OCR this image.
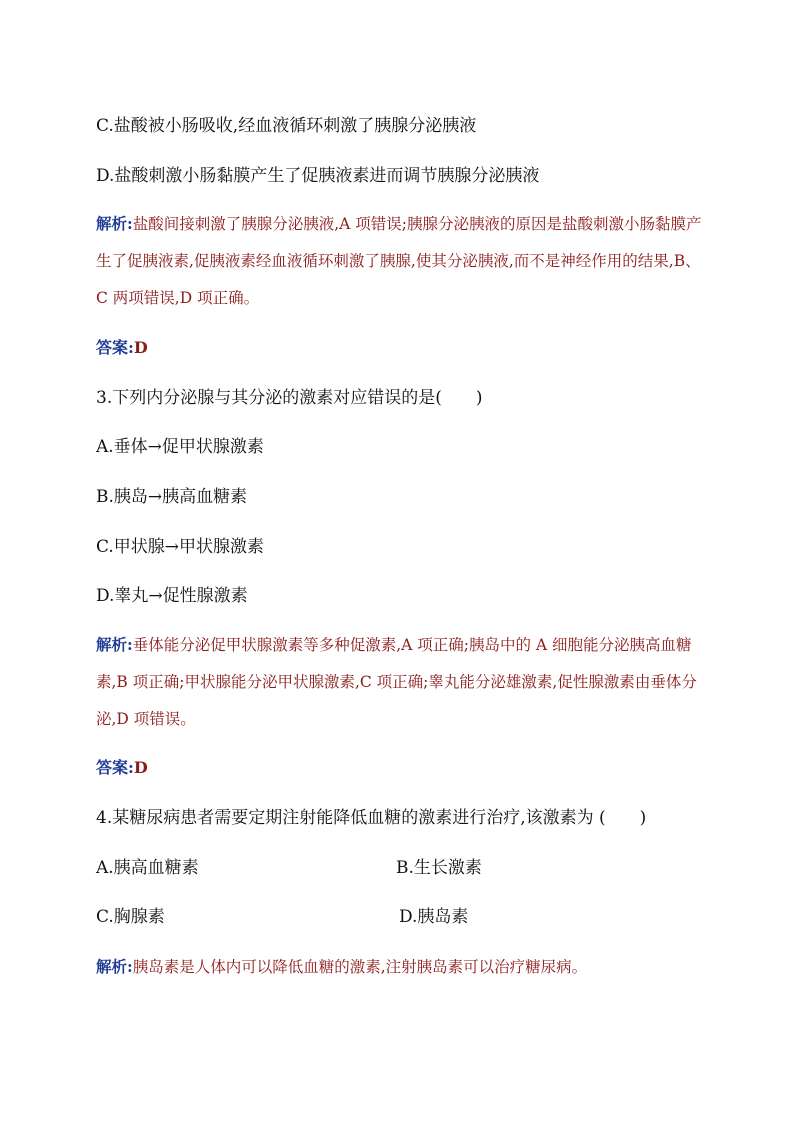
C.盐酸被小肠吸收,经血液循环刺激了胰腺分泌胰液
D.盐酸刺激小肠黏膜产生了促胰液素进而调节胰腺分泌胰液
解析:盐酸间接刺激了胰腺分泌胰液,A 项错误;胰腺分泌胰液的原因是盐酸刺激小肠黏膜产生了促胰液素,促胰液素经血液循环刺激了胰腺,使其分泌胰液,而不是神经作用的结果,B、C 两项错误,D 项正确。
答案:D
3.下列内分泌腺与其分泌的激素对应错误的是(　　)
A.垂体→促甲状腺激素
B.胰岛→胰高血糖素
C.甲状腺→甲状腺激素
D.睾丸→促性腺激素
解析:垂体能分泌促甲状腺激素等多种促激素,A 项正确;胰岛中的 A 细胞能分泌胰高血糖素,B 项正确;甲状腺能分泌甲状腺激素,C 项正确;睾丸能分泌雄激素,促性腺激素由垂体分泌,D 项错误。
答案:D
4.某糖尿病患者需要定期注射能降低血糖的激素进行治疗,该激素为 (　　)
A.胰高血糖素	B.生长激素
C.胸腺素	D.胰岛素
解析:胰岛素是人体内可以降低血糖的激素,注射胰岛素可以治疗糖尿病。
